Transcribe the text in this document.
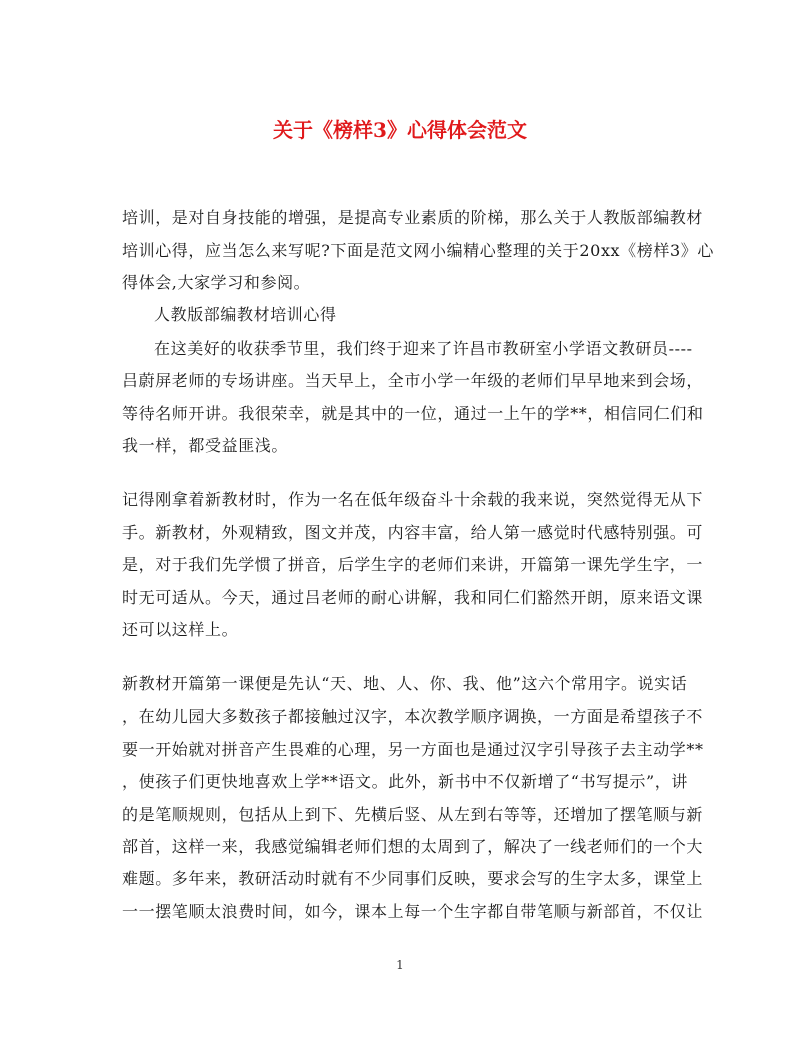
关于《榜样3》心得体会范文
培训，是对自身技能的增强，是提高专业素质的阶梯，那么关于人教版部编教材
培训心得，应当怎么来写呢?下面是范文网小编精心整理的关于20xx《榜样3》心
得体会,大家学习和参阅。
人教版部编教材培训心得
在这美好的收获季节里，我们终于迎来了许昌市教研室小学语文教研员----
吕蔚屏老师的专场讲座。当天早上，全市小学一年级的老师们早早地来到会场，
等待名师开讲。我很荣幸，就是其中的一位，通过一上午的学**，相信同仁们和
我一样，都受益匪浅。
记得刚拿着新教材时，作为一名在低年级奋斗十余载的我来说，突然觉得无从下
手。新教材，外观精致，图文并茂，内容丰富，给人第一感觉时代感特别强。可
是，对于我们先学惯了拼音，后学生字的老师们来讲，开篇第一课先学生字，一
时无可适从。今天，通过吕老师的耐心讲解，我和同仁们豁然开朗，原来语文课
还可以这样上。
新教材开篇第一课便是先认“天、地、人、你、我、他”这六个常用字。说实话
，在幼儿园大多数孩子都接触过汉字，本次教学顺序调换，一方面是希望孩子不
要一开始就对拼音产生畏难的心理，另一方面也是通过汉字引导孩子去主动学**
，使孩子们更快地喜欢上学**语文。此外，新书中不仅新增了“书写提示”，讲
的是笔顺规则，包括从上到下、先横后竖、从左到右等等，还增加了摆笔顺与新
部首，这样一来，我感觉编辑老师们想的太周到了，解决了一线老师们的一个大
难题。多年来，教研活动时就有不少同事们反映，要求会写的生字太多，课堂上
一一摆笔顺太浪费时间，如今，课本上每一个生字都自带笔顺与新部首，不仅让
1
